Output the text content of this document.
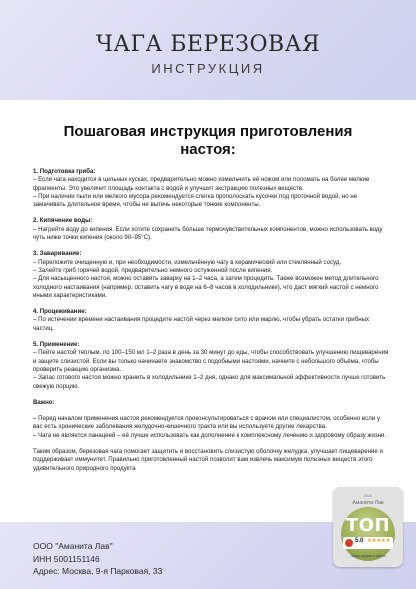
ЧАГА БЕРЕЗОВАЯ
ИНСТРУКЦИЯ
Пошаговая инструкция приготовления настоя:

1. Подготовка гриба:

– Если чага находится в цельных кусках, предварительно можно измельчить её ножом или поломать на более мелкие фрагменты. Это увеличит площадь контакта с водой и улучшит экстракцию полезных веществ.

– При наличии пыли или мелкого мусора рекомендуется слегка прополоскать кусочки под проточной водой, но не замачивать длительное время, чтобы не вытечь некоторые тонкие компоненты.

2. Кипячение воды:

– Нагрейте воду до кипения. Если хотите сохранить больше термочувствительных компонентов, можно использовать воду чуть ниже точки кипения (около 90–95°С).

3. Заваривание:

– Переложите очищенную и, при необходимости, измельчённую чагу в керамический или стеклянный сосуд.

– Залейте гриб горячей водой, предварительно немного остуженной после кипения.

– Для насыщенного настоя, можно оставить заварку на 1–2 часа, а затем процедить. Также возможен метод длительного холодного настаивания (например, оставить чагу в воде на 6–8 часов в холодильнике), что даст мягкий настой с немного иными характеристиками.

4. Процеживание:

– По истечении времени настаивания процедите настой через мелкое сито или марлю, чтобы убрать остатки грибных частиц.

5. Применение:

– Пейте настой теплым, по 100–150 мл 1–2 раза в день за 30 минут до еды, чтобы способствовать улучшению пищеварения и защите слизистой. Если вы только начинаете знакомство с подобными настоями, начните с небольшого объёма, чтобы проверить реакцию организма.

– Запас готового настоя можно хранить в холодильнике 1–2 дня, однако для максимальной эффективности лучше готовить свежую порцию.

Важно:

– Перед началом применения настоя рекомендуется проконсультироваться с врачом или специалистом, особенно если у вас есть хронические заболевания желудочно-кишечного тракта или вы используете другие лекарства.

– Чага не является панацеей – её лучше использовать как дополнение к комплексному лечению и здоровому образу жизни.

Таким образом, березовая чага помогает защитить и восстановить слизистую оболочку желудка, улучшает пищеварение и поддерживает иммунитет. Правильно приготовленный настой позволит вам извлечь максимум полезных веществ этого удивительного природного продукта

ООО "Аманита Лав"
ИНН 5001151146
Адрес: Москва, 9-я Парковая, 33
2024
Аманита Лав
ТОП
5.0 ★★★★★
Лидер продаж в сфере
